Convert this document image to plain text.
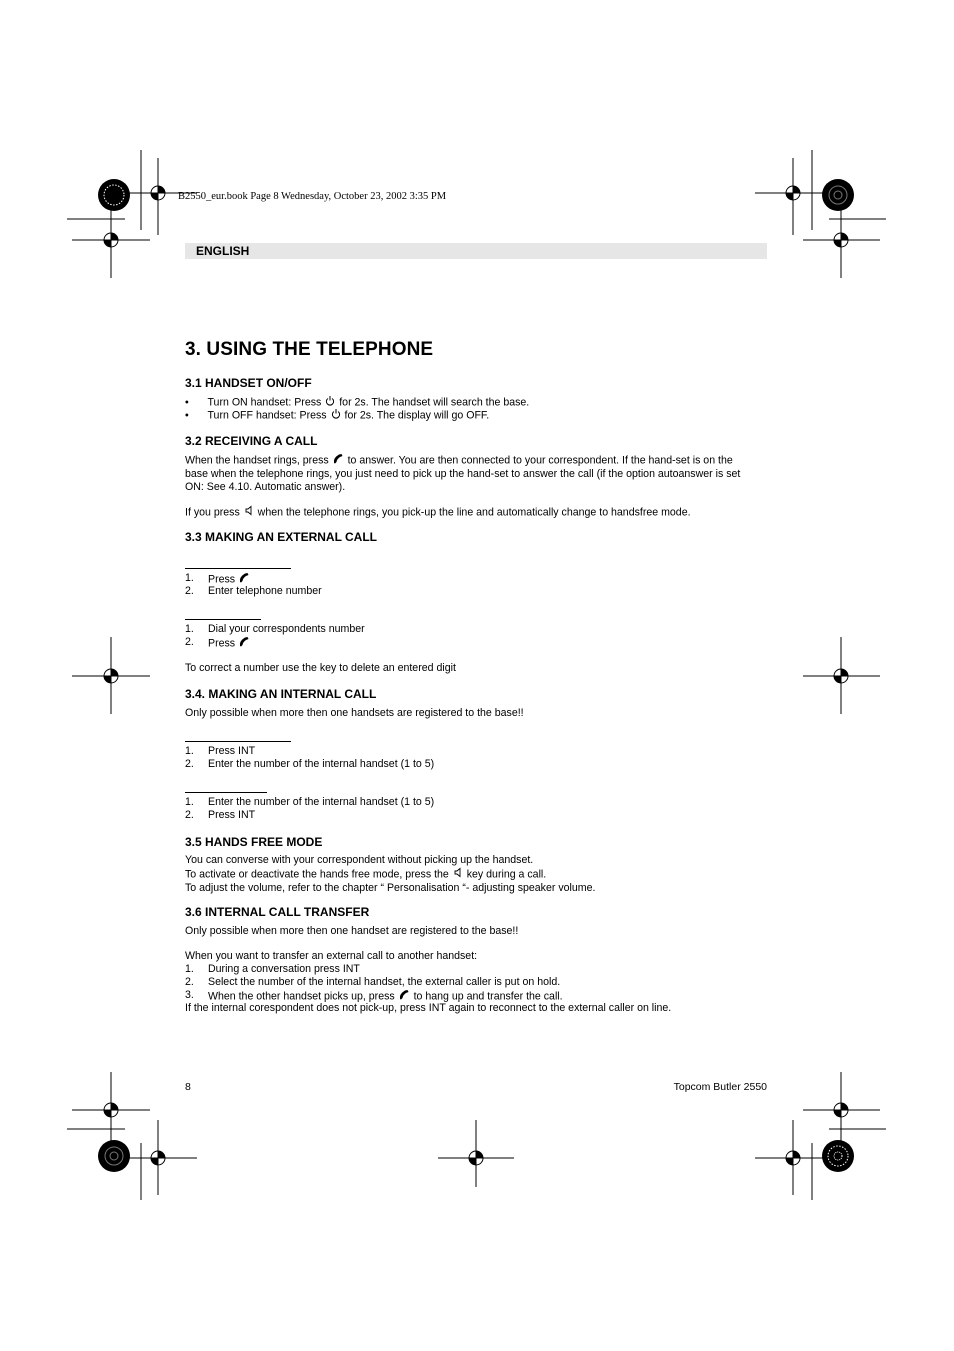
B2550_eur.book Page 8 Wednesday, October 23, 2002 3:35 PM
ENGLISH
3. USING THE TELEPHONE
3.1 HANDSET ON/OFF
• Turn ON handset: Press for 2s. The handset will search the base.
• Turn OFF handset: Press for 2s. The display will go OFF.
3.2 RECEIVING A CALL
When the handset rings, press to answer. You are then connected to your correspondent. If the hand-set is on the
base when the telephone rings, you just need to pick up the hand-set to answer the call (if the option autoanswer is set
ON: See 4.10. Automatic answer).
If you press when the telephone rings, you pick-up the line and automatically change to handsfree mode.
3.3 MAKING AN EXTERNAL CALL
1. Press
2. Enter telephone number
1. Dial your correspondents number
2. Press
To correct a number use the key to delete an entered digit
3.4. MAKING AN INTERNAL CALL
Only possible when more then one handsets are registered to the base!!
1. Press INT
2. Enter the number of the internal handset (1 to 5)
1. Enter the number of the internal handset (1 to 5)
2. Press INT
3.5 HANDS FREE MODE
You can converse with your correspondent without picking up the handset.
To activate or deactivate the hands free mode, press the key during a call.
To adjust the volume, refer to the chapter “ Personalisation “- adjusting speaker volume.
3.6 INTERNAL CALL TRANSFER
Only possible when more then one handset are registered to the base!!
When you want to transfer an external call to another handset:
1. During a conversation press INT
2. Select the number of the internal handset, the external caller is put on hold.
3. When the other handset picks up, press to hang up and transfer the call.
If the internal corespondent does not pick-up, press INT again to reconnect to the external caller on line.
8	Topcom Butler 2550
